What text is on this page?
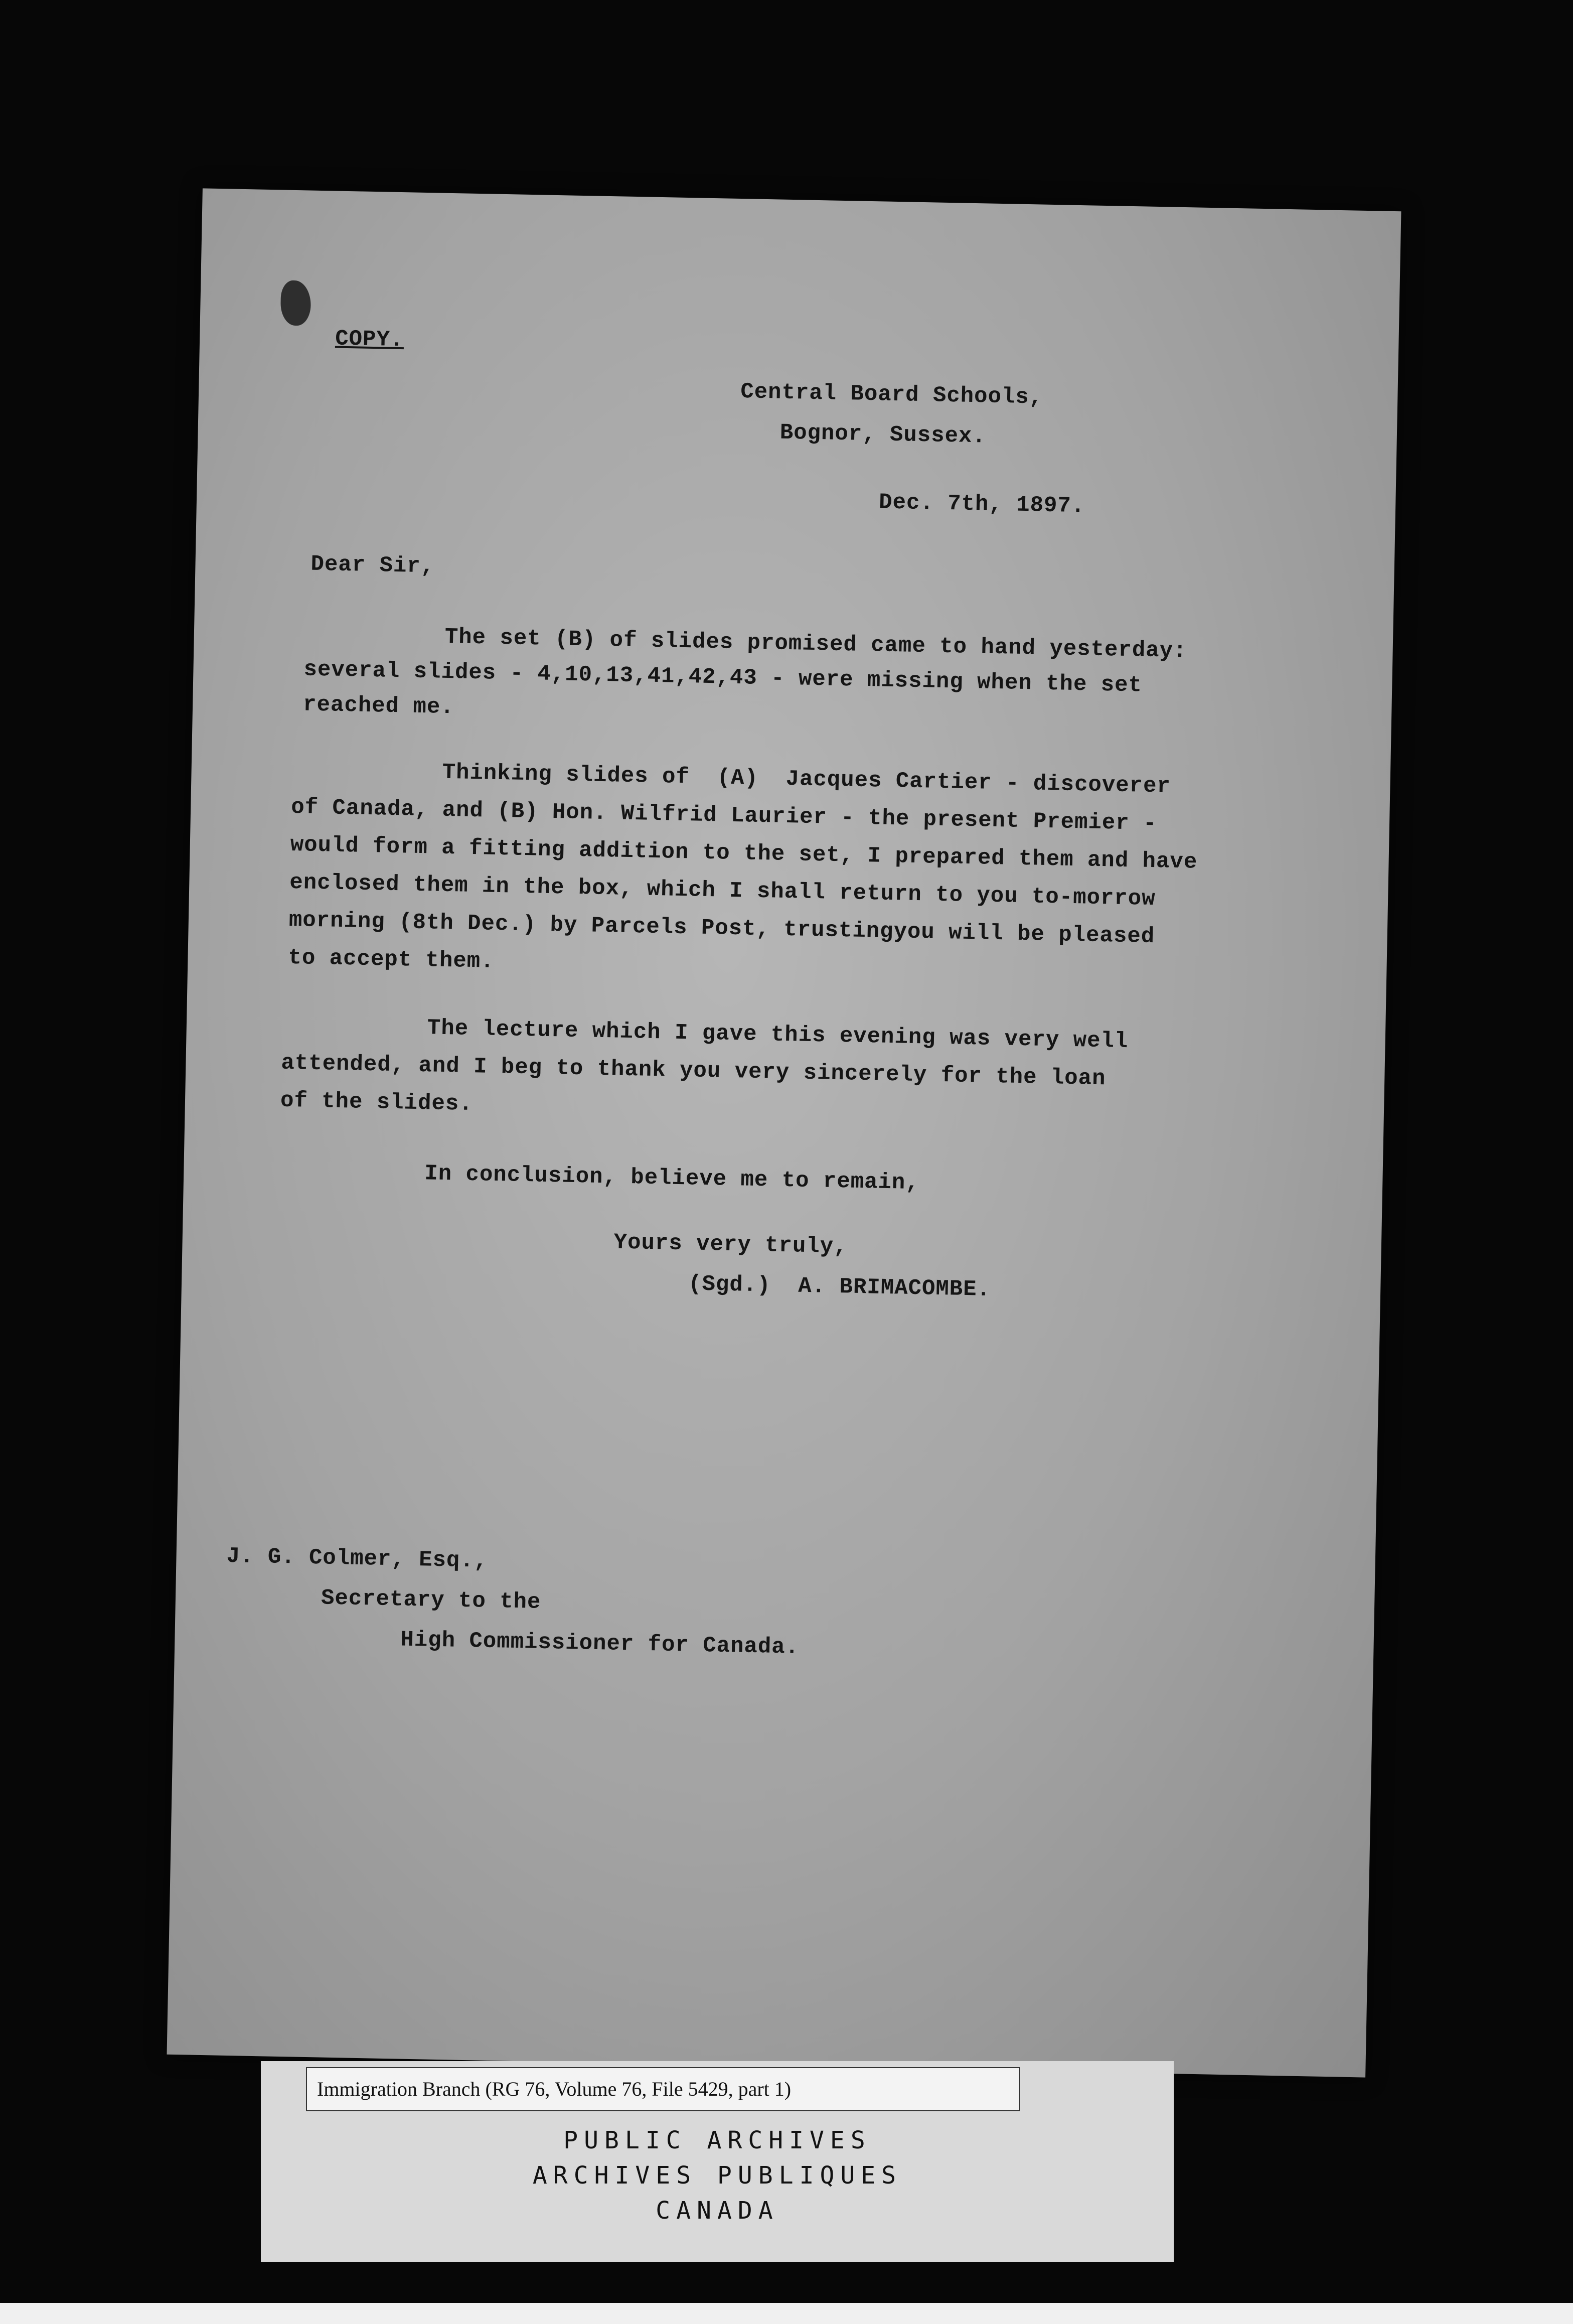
COPY.
Central Board Schools,
Bognor, Sussex.
Dec. 7th, 1897.
Dear Sir,
The set (B) of slides promised came to hand yesterday:
several slides - 4,10,13,41,42,43 - were missing when the set
reached me.
Thinking slides of  (A)  Jacques Cartier - discoverer
of Canada, and (B) Hon. Wilfrid Laurier - the present Premier -
would form a fitting addition to the set, I prepared them and have
enclosed them in the box, which I shall return to you to-morrow
morning (8th Dec.) by Parcels Post, trustingyou will be pleased
to accept them.
The lecture which I gave this evening was very well
attended, and I beg to thank you very sincerely for the loan
of the slides.
In conclusion, believe me to remain,
Yours very truly,
(Sgd.)  A. BRIMACOMBE.
J. G. Colmer, Esq.,
Secretary to the
High Commissioner for Canada.
Immigration Branch (RG 76, Volume 76, File 5429, part 1)
PUBLIC ARCHIVES
ARCHIVES PUBLIQUES
CANADA
